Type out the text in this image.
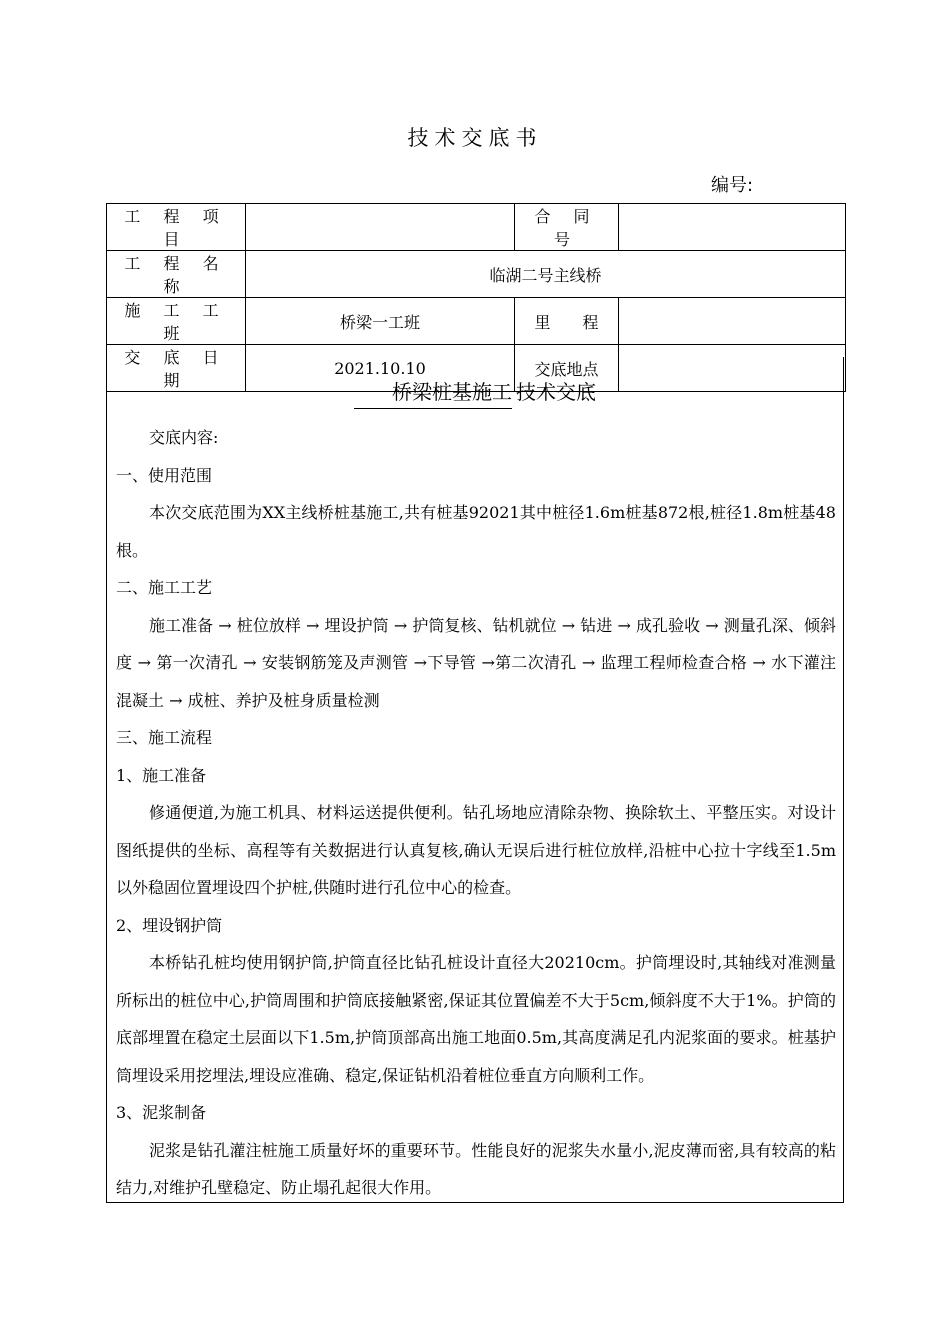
技术交底书
编号:
工 程 项 目		合 同 号	
工 程 名 称	临湖二号主线桥		
施 工 工 班	桥梁一工班	里　　程	
交 底 日 期	2021.10.10	交底地点	
桥梁桩基施工 技术交底

交底内容:

一、使用范围

本次交底范围为XX主线桥桩基施工,共有桩基92021其中桩径1.6m桩基872根,桩径1.8m桩基48根。

二、施工工艺

施工准备 → 桩位放样 → 埋设护筒 → 护筒复核、钻机就位 → 钻进 → 成孔验收 → 测量孔深、倾斜度 → 第一次清孔 → 安装钢筋笼及声测管 →下导管 →第二次清孔 → 监理工程师检查合格 → 水下灌注混凝土 → 成桩、养护及桩身质量检测

三、施工流程

1、施工准备

修通便道,为施工机具、材料运送提供便利。钻孔场地应清除杂物、换除软土、平整压实。对设计图纸提供的坐标、高程等有关数据进行认真复核,确认无误后进行桩位放样,沿桩中心拉十字线至1.5m以外稳固位置埋设四个护桩,供随时进行孔位中心的检查。

2、埋设钢护筒

本桥钻孔桩均使用钢护筒,护筒直径比钻孔桩设计直径大20210cm。护筒埋设时,其轴线对准测量所标出的桩位中心,护筒周围和护筒底接触紧密,保证其位置偏差不大于5cm,倾斜度不大于1%。护筒的底部埋置在稳定土层面以下1.5m,护筒顶部高出施工地面0.5m,其高度满足孔内泥浆面的要求。桩基护筒埋设采用挖埋法,埋设应准确、稳定,保证钻机沿着桩位垂直方向顺利工作。

3、泥浆制备

泥浆是钻孔灌注桩施工质量好坏的重要环节。性能良好的泥浆失水量小,泥皮薄而密,具有较高的粘结力,对维护孔壁稳定、防止塌孔起很大作用。
